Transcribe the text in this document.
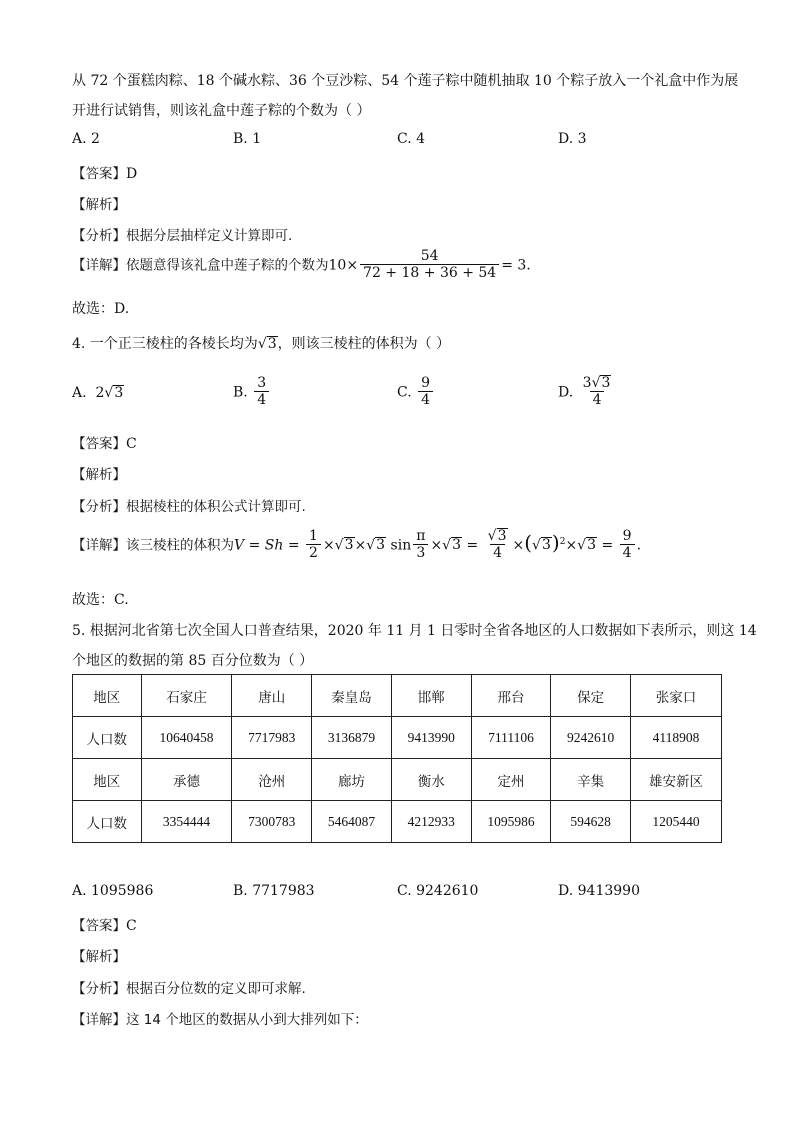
从 72 个蛋糕肉粽、18 个碱水粽、36 个豆沙粽、54 个莲子粽中随机抽取 10 个粽子放入一个礼盒中作为展
开进行试销售，则该礼盒中莲子粽的个数为（ ）
A. 2	B. 1	C. 4	D. 3
【答案】D
【解析】
【分析】根据分层抽样定义计算即可.
【详解】依题意得该礼盒中莲子粽的个数为$10\times \frac{54}{72 + 18 + 36 + 54} = 3$.
故选：D.
4. 一个正三棱柱的各棱长均为√3，则该三棱柱的体积为（ ）
A. 2√3	B. $\frac{3}{4}$	C. $\frac{9}{4}$	D. $\frac{3√3}{4}$
【答案】C
【解析】
【分析】根据棱柱的体积公式计算即可.
【详解】该三棱柱的体积为$V = Sh = \frac{1}{2} \times√3\times√3$ $\sin \frac{\pi}{3} \times√3 = \frac{√3}{4} \times(√3)^2\times√3 = \frac{9}{4}$ .
故选：C.
5. 根据河北省第七次全国人口普查结果，2020 年 11 月 1 日零时全省各地区的人口数据如下表所示，则这 14
个地区的数据的第 85 百分位数为（ ）
地区	石家庄	唐山	秦皇岛	邯郸	邢台	保定	张家口
人口数	10640458	7717983	3136879	9413990	7111106	9242610	4118908
地区	承德	沧州	廊坊	衡水	定州	辛集	雄安新区
人口数	3354444	7300783	5464087	4212933	1095986	594628	1205440
A. 1095986	B. 7717983	C. 9242610	D. 9413990
【答案】C
【解析】
【分析】根据百分位数的定义即可求解.
【详解】这 14 个地区的数据从小到大排列如下：
